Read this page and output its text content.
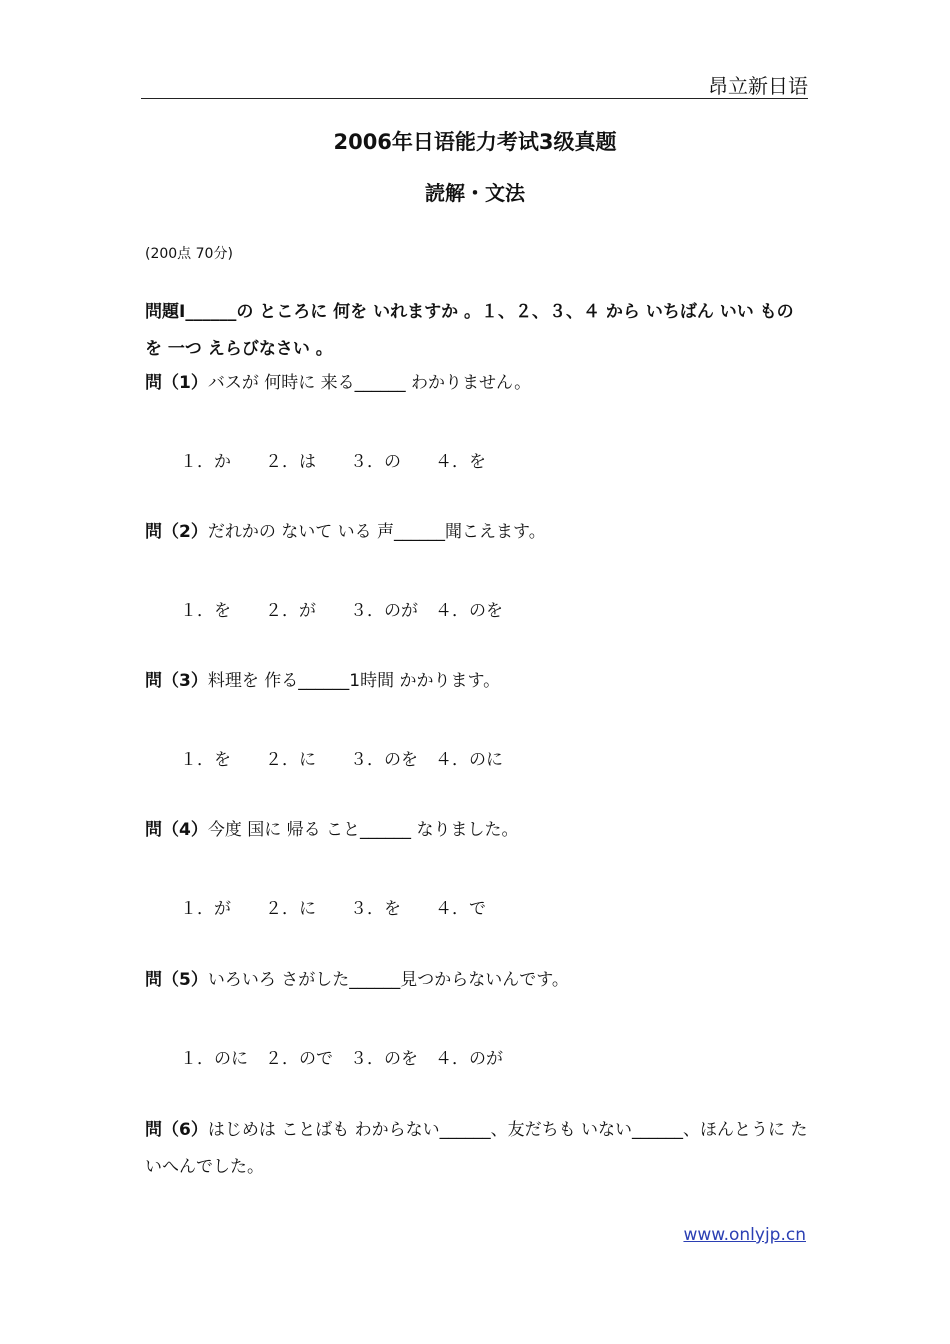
昂立新日语
2006年日语能力考试3级真题
読解・文法
(200点 70分)
問題Ⅰ______の ところに 何を いれますか 。１、２、３、４ から いちばん いい ものを 一つ えらびなさい 。
問（1）バスが 何時に 来る______ わかりません。
１．か　　２．は　　３．の　　４．を
問（2）だれかの ないて いる 声______聞こえます。
１．を　　２．が　　３．のが　４．のを
問（3）料理を 作る______1時間 かかります。
１．を　　２．に　　３．のを　４．のに
問（4）今度 国に 帰る こと______ なりました。
１．が　　２．に　　３．を　　４．で
問（5）いろいろ さがした______見つからないんです。
１．のに　２．ので　３．のを　４．のが
問（6）はじめは ことばも わからない______、友だちも いない______、ほんとうに たいへんでした。
www.onlyjp.cn
